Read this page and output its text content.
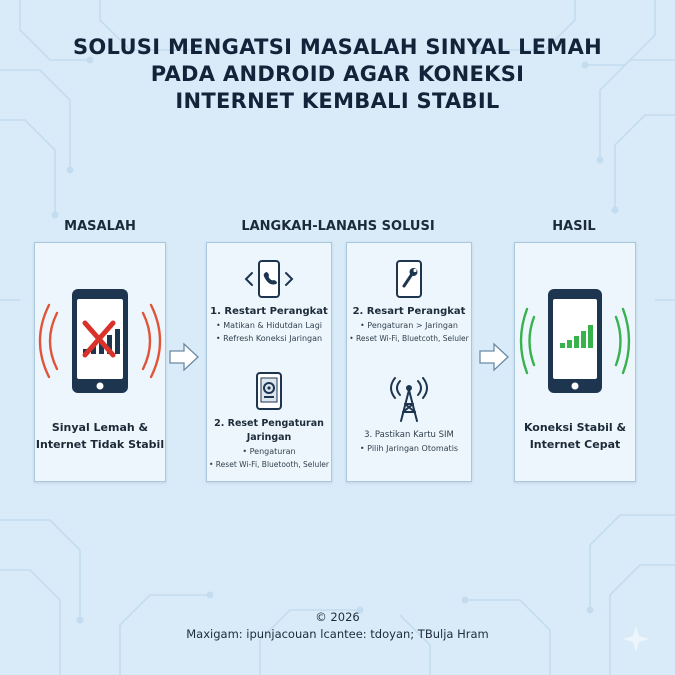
SOLUSI MENGATSI MASALAH SINYAL LEMAH
PADA ANDROID AGAR KONEKSI
INTERNET KEMBALI STABIL
MASALAH	LANGKAH-LANAHS SOLUSI	HASIL
Sinyal Lemah &
Internet Tidak Stabil
1. Restart Perangkat
• Matikan & Hidutdan Lagi
• Refresh Koneksi Jaringan
2. Reset Pengaturan Jaringan
• Pengaturan
• Reset Wi-Fi, Bluetooth, Seluler
2. Resart Perangkat
• Pengaturan > Jaringan
• Reset Wi-Fi, Bluetcoth, Seluler
3. Pastikan Kartu SIM
• Pilih Jaringan Otomatis
Koneksi Stabil &
Internet Cepat
© 2026
Maxigam: ipunjacouan lcantee: tdoyan; TBulja Hram
